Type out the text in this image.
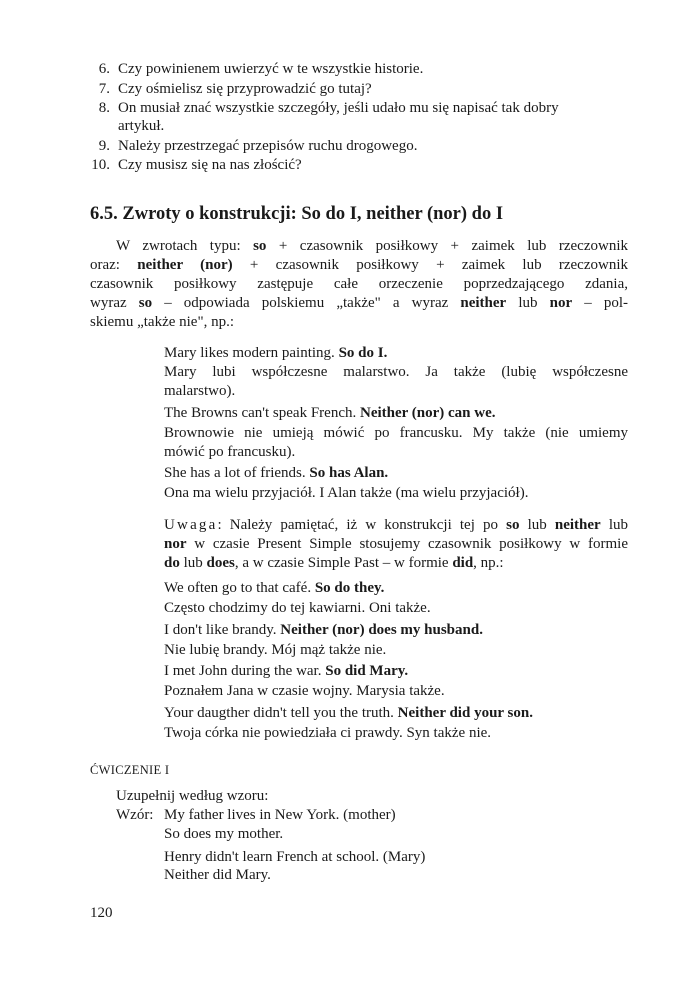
6. Czy powinienem uwierzyć w te wszystkie historie.
7. Czy ośmielisz się przyprowadzić go tutaj?
8. On musiał znać wszystkie szczegóły, jeśli udało mu się napisać tak dobry
artykuł.
9. Należy przestrzegać przepisów ruchu drogowego.
10. Czy musisz się na nas złościć?
6.5. Zwroty o konstrukcji: So do I, neither (nor) do I
W zwrotach typu: so + czasownik posiłkowy + zaimek lub rzeczownik
oraz: neither (nor) + czasownik posiłkowy + zaimek lub rzeczownik
czasownik posiłkowy zastępuje całe orzeczenie poprzedzającego zdania,
wyraz so – odpowiada polskiemu „także" a wyraz neither lub nor – pol-
skiemu „także nie", np.:
Mary likes modern painting. So do I.
Mary lubi współczesne malarstwo. Ja także (lubię współczesne
malarstwo).
The Browns can't speak French. Neither (nor) can we.
Brownowie nie umieją mówić po francusku. My także (nie umiemy
mówić po francusku).
She has a lot of friends. So has Alan.
Ona ma wielu przyjaciół. I Alan także (ma wielu przyjaciół).
Uwaga: Należy pamiętać, iż w konstrukcji tej po so lub neither lub
nor w czasie Present Simple stosujemy czasownik posiłkowy w formie
do lub does, a w czasie Simple Past – w formie did, np.:
We often go to that café. So do they.
Często chodzimy do tej kawiarni. Oni także.
I don't like brandy. Neither (nor) does my husband.
Nie lubię brandy. Mój mąż także nie.
I met John during the war. So did Mary.
Poznałem Jana w czasie wojny. Marysia także.
Your daugther didn't tell you the truth. Neither did your son.
Twoja córka nie powiedziała ci prawdy. Syn także nie.
ĆWICZENIE I
Uzupełnij według wzoru:
Wzór: My father lives in New York. (mother)
So does my mother.
Henry didn't learn French at school. (Mary)
Neither did Mary.
120
